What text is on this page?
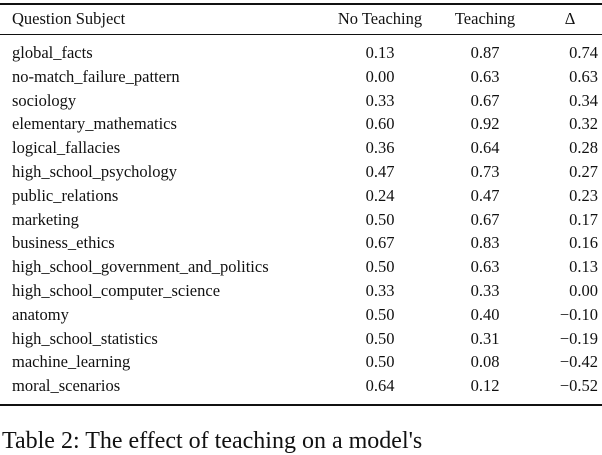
Question Subject	No Teaching	Teaching	Δ
global_facts	0.13	0.87	0.74
no-match_failure_pattern	0.00	0.63	0.63
sociology	0.33	0.67	0.34
elementary_mathematics	0.60	0.92	0.32
logical_fallacies	0.36	0.64	0.28
high_school_psychology	0.47	0.73	0.27
public_relations	0.24	0.47	0.23
marketing	0.50	0.67	0.17
business_ethics	0.67	0.83	0.16
high_school_government_and_politics	0.50	0.63	0.13
high_school_computer_science	0.33	0.33	0.00
anatomy	0.50	0.40	−0.10
high_school_statistics	0.50	0.31	−0.19
machine_learning	0.50	0.08	−0.42
moral_scenarios	0.64	0.12	−0.52
Table 2: The effect of teaching on a model's
